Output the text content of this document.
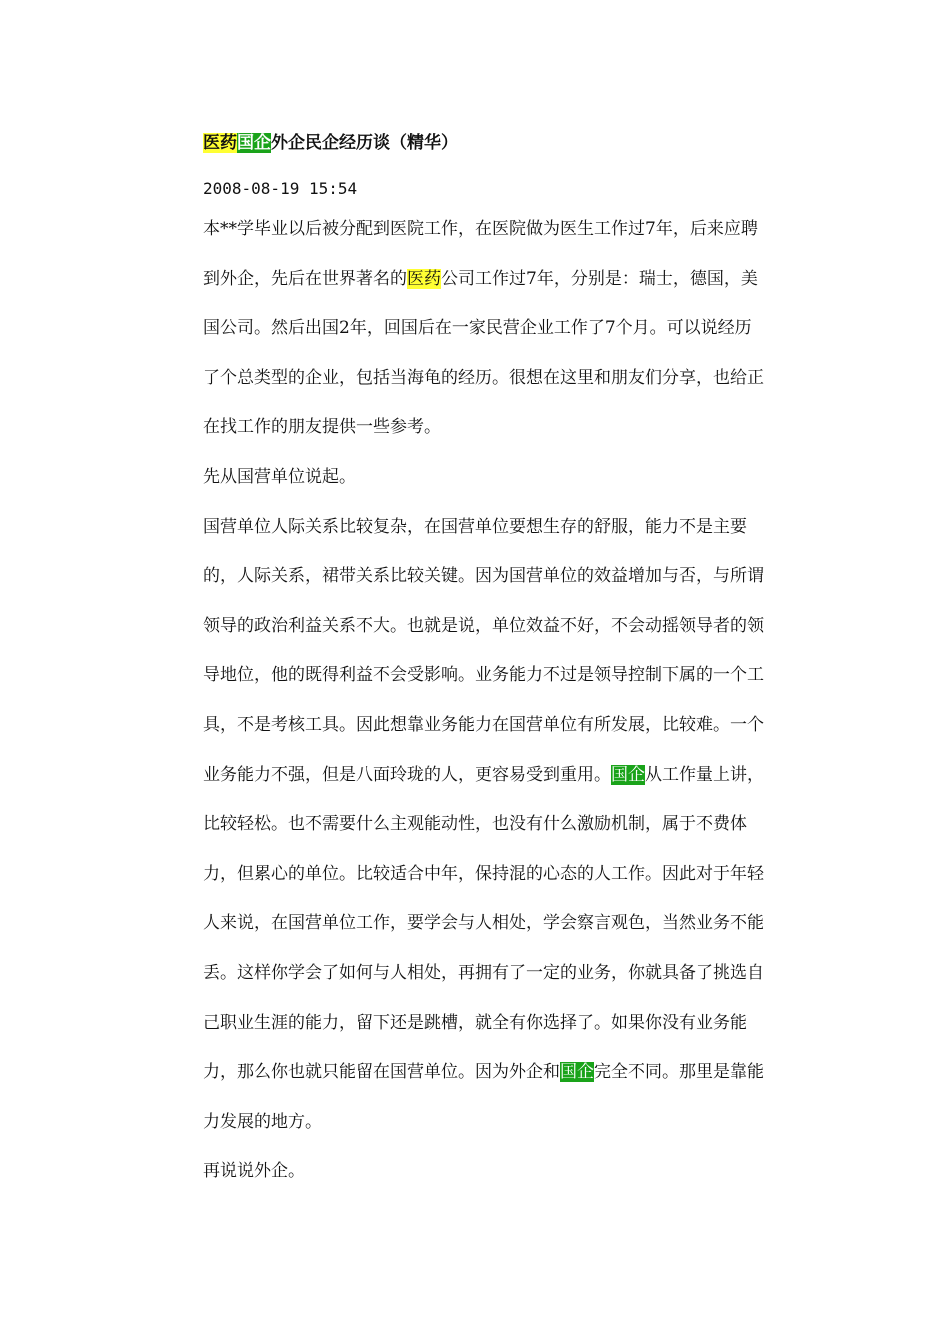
医药国企外企民企经历谈（精华）
2008-08-19 15:54

本**学毕业以后被分配到医院工作，在医院做为医生工作过7年，后来应聘
到外企，先后在世界著名的医药公司工作过7年，分别是：瑞士，德国，美
国公司。然后出国2年，回国后在一家民营企业工作了7个月。可以说经历
了个总类型的企业，包括当海龟的经历。很想在这里和朋友们分享，也给正
在找工作的朋友提供一些参考。

先从国营单位说起。

国营单位人际关系比较复杂，在国营单位要想生存的舒服，能力不是主要
的，人际关系，裙带关系比较关键。因为国营单位的效益增加与否，与所谓
领导的政治利益关系不大。也就是说，单位效益不好，不会动摇领导者的领
导地位，他的既得利益不会受影响。业务能力不过是领导控制下属的一个工
具，不是考核工具。因此想靠业务能力在国营单位有所发展，比较难。一个
业务能力不强，但是八面玲珑的人，更容易受到重用。国企从工作量上讲，
比较轻松。也不需要什么主观能动性，也没有什么激励机制，属于不费体
力，但累心的单位。比较适合中年，保持混的心态的人工作。因此对于年轻
人来说，在国营单位工作，要学会与人相处，学会察言观色，当然业务不能
丢。这样你学会了如何与人相处，再拥有了一定的业务，你就具备了挑选自
己职业生涯的能力，留下还是跳槽，就全有你选择了。如果你没有业务能
力，那么你也就只能留在国营单位。因为外企和国企完全不同。那里是靠能
力发展的地方。

再说说外企。
